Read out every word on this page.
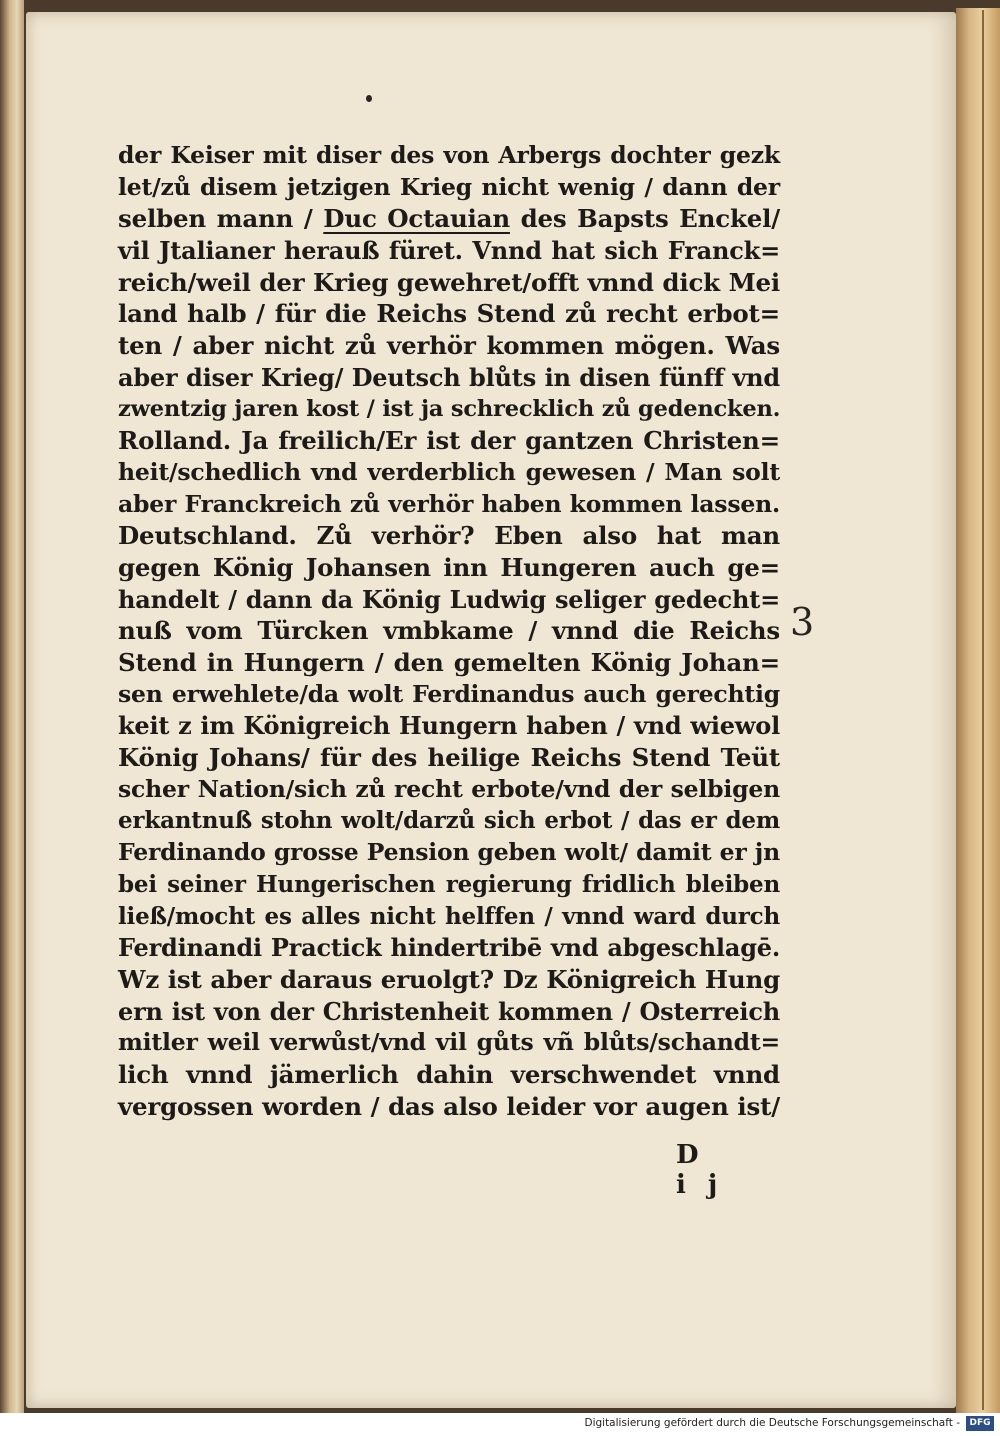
der Keiser mit diser des von Arbergs dochter gezk
let/zů disem jetzigen Krieg nicht wenig / dann der
selben mann / Duc Octauian des Bapsts Enckel/
vil Jtalianer herauß füret. Vnnd hat sich Franck=
reich/weil der Krieg gewehret/offt vnnd dick Mei
land halb / für die Reichs Stend zů recht erbot=
ten / aber nicht zů verhör kommen mögen. Was
aber diser Krieg/ Deutsch blůts in disen fünff vnd
zwentzig jaren kost / ist ja schrecklich zů gedencken.
Rolland. Ja freilich/Er ist der gantzen Christen=
heit/schedlich vnd verderblich gewesen / Man solt
aber Franckreich zů verhör haben kommen lassen.
Deutschland. Zů verhör? Eben also hat man
gegen König Johansen inn Hungeren auch ge=
handelt / dann da König Ludwig seliger gedecht=
nuß vom Türcken vmbkame / vnnd die Reichs
Stend in Hungern / den gemelten König Johan=
sen erwehlete/da wolt Ferdinandus auch gerechtig
keit z im Königreich Hungern haben / vnd wiewol
König Johans/ für des heilige Reichs Stend Teüt
scher Nation/sich zů recht erbote/vnd der selbigen
erkantnuß stohn wolt/darzů sich erbot / das er dem
Ferdinando grosse Pension geben wolt/ damit er jn
bei seiner Hungerischen regierung fridlich bleiben
ließ/mocht es alles nicht helffen / vnnd ward durch
Ferdinandi Practick hindertribē vnd abgeschlagē.
Wz ist aber daraus eruolgt? Dz Königreich Hung
ern ist von der Christenheit kommen / Osterreich
mitler weil verwůst/vnd vil gůts vñ blůts/schandt=
lich vnnd jämerlich dahin verschwendet vnnd
vergossen worden / das also leider vor augen ist/
D ij
3
Digitalisierung gefördert durch die Deutsche Forschungsgemeinschaft -	DFG
